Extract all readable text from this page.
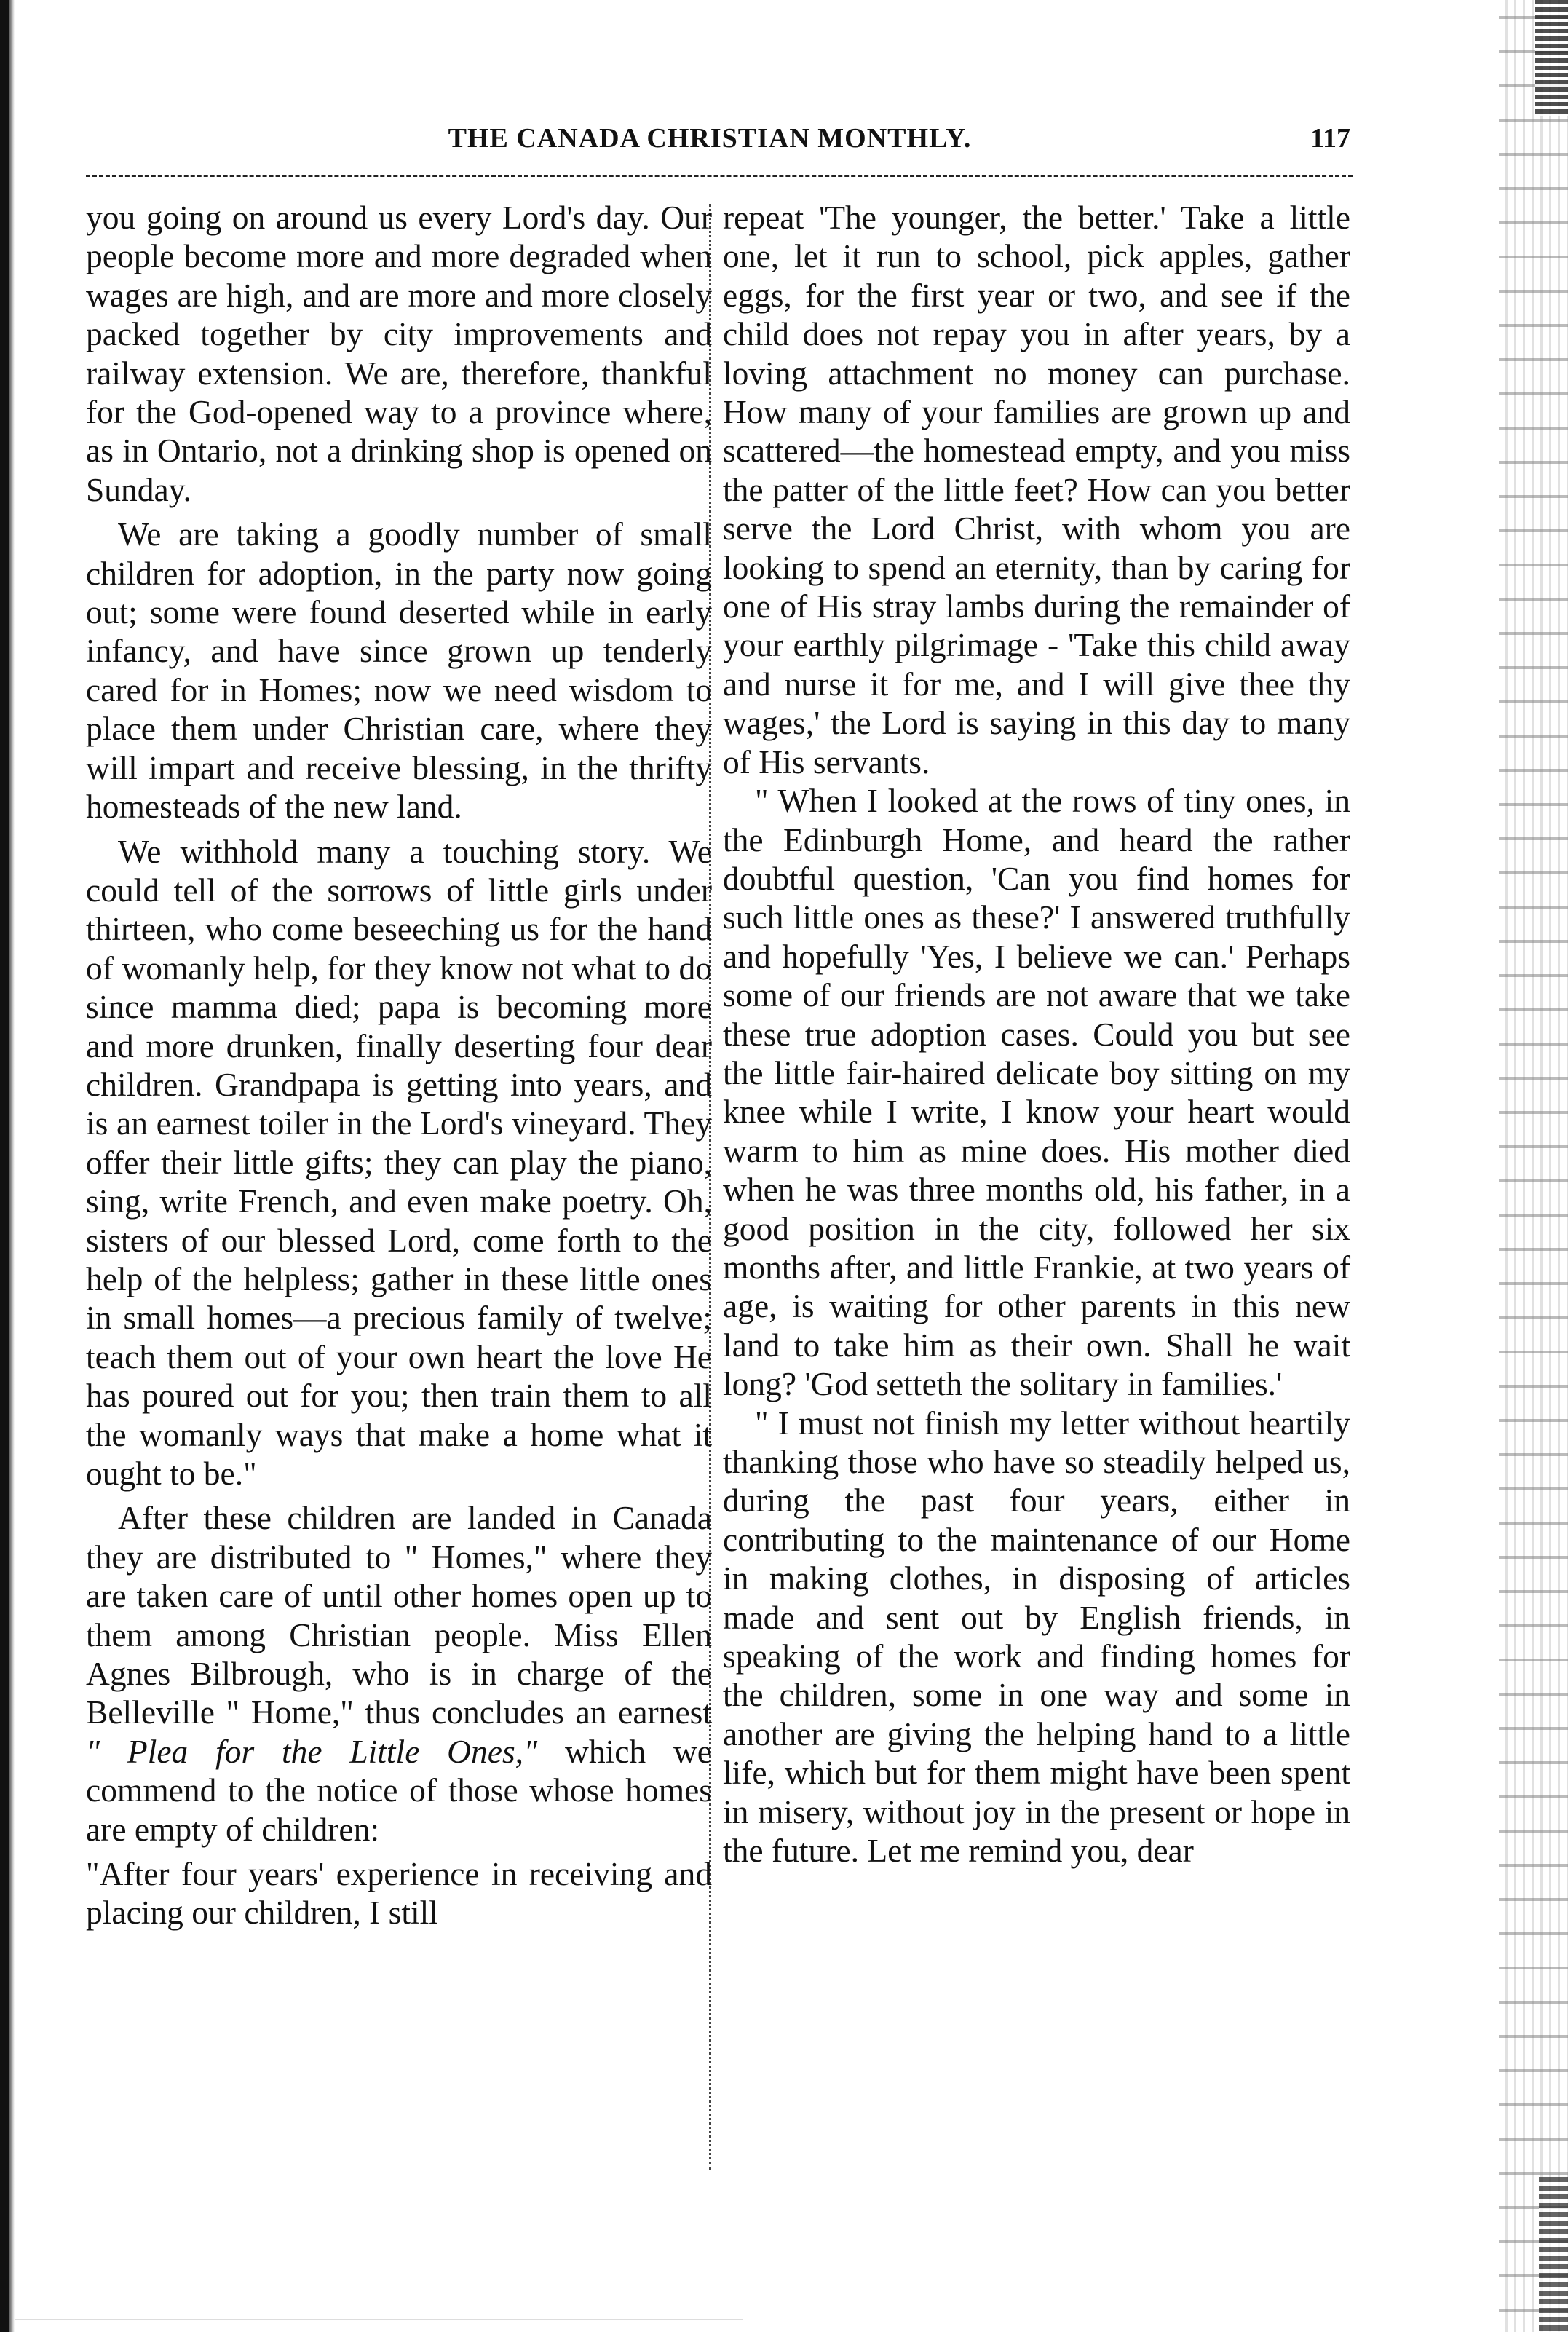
THE CANADA CHRISTIAN MONTHLY.	117

you going on around us every Lord's day. Our people become more and more degraded when wages are high, and are more and more closely packed together by city improvements and railway extension. We are, therefore, thankful for the God-opened way to a province where, as in Ontario, not a drinking shop is opened on Sunday.

We are taking a goodly number of small children for adoption, in the party now going out; some were found deserted while in early infancy, and have since grown up tenderly cared for in Homes; now we need wisdom to place them under Christian care, where they will impart and receive blessing, in the thrifty homesteads of the new land.

We withhold many a touching story. We could tell of the sorrows of little girls under thirteen, who come beseeching us for the hand of womanly help, for they know not what to do since mamma died; papa is becoming more and more drunken, finally deserting four dear children. Grandpapa is getting into years, and is an earnest toiler in the Lord's vineyard. They offer their little gifts; they can play the piano, sing, write French, and even make poetry. Oh, sisters of our blessed Lord, come forth to the help of the helpless; gather in these little ones in small homes—a precious family of twelve; teach them out of your own heart the love He has poured out for you; then train them to all the womanly ways that make a home what it ought to be."

After these children are landed in Canada they are distributed to " Homes," where they are taken care of until other homes open up to them among Christian people. Miss Ellen Agnes Bilbrough, who is in charge of the Belleville " Home," thus concludes an earnest " Plea for the Little Ones," which we commend to the notice of those whose homes are empty of children:

"After four years' experience in receiving and placing our children, I still

repeat 'The younger, the better.' Take a little one, let it run to school, pick apples, gather eggs, for the first year or two, and see if the child does not repay you in after years, by a loving attachment no money can purchase. How many of your families are grown up and scattered—the homestead empty, and you miss the patter of the little feet? How can you better serve the Lord Christ, with whom you are looking to spend an eternity, than by caring for one of His stray lambs during the remainder of your earthly pilgrimage - 'Take this child away and nurse it for me, and I will give thee thy wages,' the Lord is saying in this day to many of His servants.

" When I looked at the rows of tiny ones, in the Edinburgh Home, and heard the rather doubtful question, 'Can you find homes for such little ones as these?' I answered truthfully and hopefully 'Yes, I believe we can.' Perhaps some of our friends are not aware that we take these true adoption cases. Could you but see the little fair-haired delicate boy sitting on my knee while I write, I know your heart would warm to him as mine does. His mother died when he was three months old, his father, in a good position in the city, followed her six months after, and little Frankie, at two years of age, is waiting for other parents in this new land to take him as their own. Shall he wait long? 'God setteth the solitary in families.'

" I must not finish my letter without heartily thanking those who have so steadily helped us, during the past four years, either in contributing to the maintenance of our Home in making clothes, in disposing of articles made and sent out by English friends, in speaking of the work and finding homes for the children, some in one way and some in another are giving the helping hand to a little life, which but for them might have been spent in misery, without joy in the present or hope in the future. Let me remind you, dear
